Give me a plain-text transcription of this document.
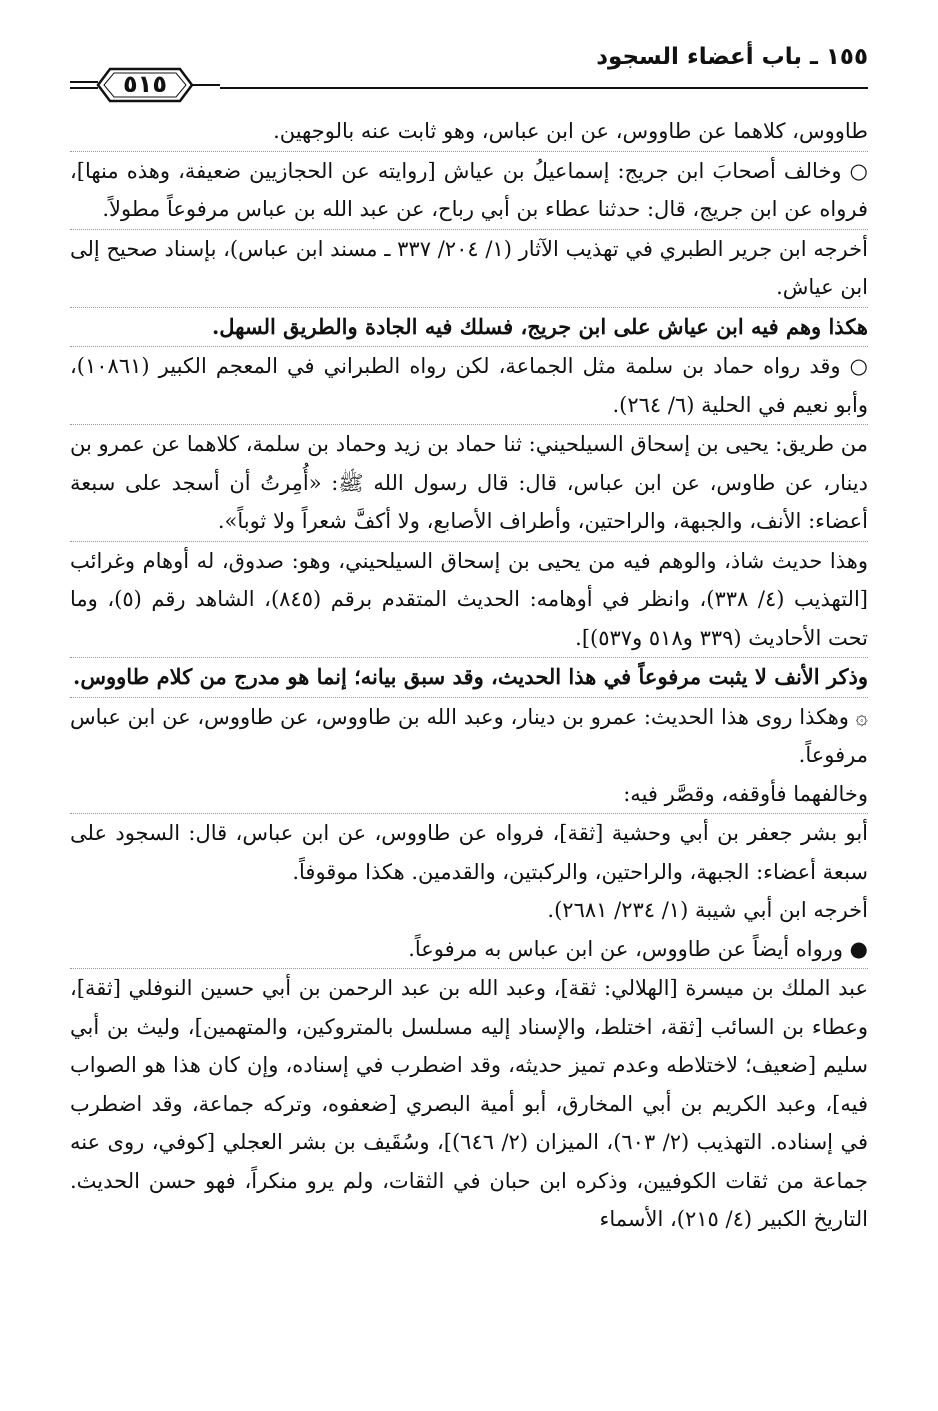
١٥٥ ـ باب أعضاء السجود
٥١٥

طاووس، كلاهما عن طاووس، عن ابن عباس، وهو ثابت عنه بالوجهين.

○ وخالف أصحابَ ابن جريج: إسماعيلُ بن عياش [روايته عن الحجازيين ضعيفة، وهذه منها]، فرواه عن ابن جريج، قال: حدثنا عطاء بن أبي رباح، عن عبد الله بن عباس مرفوعاً مطولاً.

أخرجه ابن جرير الطبري في تهذيب الآثار (١/ ٢٠٤/ ٣٣٧ ـ مسند ابن عباس)، بإسناد صحيح إلى ابن عياش.

هكذا وهم فيه ابن عياش على ابن جريج، فسلك فيه الجادة والطريق السهل.

○ وقد رواه حماد بن سلمة مثل الجماعة، لكن رواه الطبراني في المعجم الكبير (١٠٨٦١)، وأبو نعيم في الحلية (٦/ ٢٦٤).

من طريق: يحيى بن إسحاق السيلحيني: ثنا حماد بن زيد وحماد بن سلمة، كلاهما عن عمرو بن دينار، عن طاوس، عن ابن عباس، قال: قال رسول الله ﷺ: «أُمِرتُ أن أسجد على سبعة أعضاء: الأنف، والجبهة، والراحتين، وأطراف الأصابع، ولا أكفَّ شعراً ولا ثوباً».

وهذا حديث شاذ، والوهم فيه من يحيى بن إسحاق السيلحيني، وهو: صدوق، له أوهام وغرائب [التهذيب (٤/ ٣٣٨)، وانظر في أوهامه: الحديث المتقدم برقم (٨٤٥)، الشاهد رقم (٥)، وما تحت الأحاديث (٣٣٩ و٥١٨ و٥٣٧)].

وذكر الأنف لا يثبت مرفوعاً في هذا الحديث، وقد سبق بيانه؛ إنما هو مدرج من كلام طاووس.

۞ وهكذا روى هذا الحديث: عمرو بن دينار، وعبد الله بن طاووس، عن طاووس، عن ابن عباس مرفوعاً.

وخالفهما فأوقفه، وقصَّر فيه:

أبو بشر جعفر بن أبي وحشية [ثقة]، فرواه عن طاووس، عن ابن عباس، قال: السجود على سبعة أعضاء: الجبهة، والراحتين، والركبتين، والقدمين. هكذا موقوفاً.

أخرجه ابن أبي شيبة (١/ ٢٣٤/ ٢٦٨١).

● ورواه أيضاً عن طاووس، عن ابن عباس به مرفوعاً.

عبد الملك بن ميسرة [الهلالي: ثقة]، وعبد الله بن عبد الرحمن بن أبي حسين النوفلي [ثقة]، وعطاء بن السائب [ثقة، اختلط، والإسناد إليه مسلسل بالمتروكين، والمتهمين]، وليث بن أبي سليم [ضعيف؛ لاختلاطه وعدم تميز حديثه، وقد اضطرب في إسناده، وإن كان هذا هو الصواب فيه]، وعبد الكريم بن أبي المخارق، أبو أمية البصري [ضعفوه، وتركه جماعة، وقد اضطرب في إسناده. التهذيب (٢/ ٦٠٣)، الميزان (٢/ ٦٤٦)]، وسُقَيف بن بشر العجلي [كوفي، روى عنه جماعة من ثقات الكوفيين، وذكره ابن حبان في الثقات، ولم يرو منكراً، فهو حسن الحديث. التاريخ الكبير (٤/ ٢١٥)، الأسماء
